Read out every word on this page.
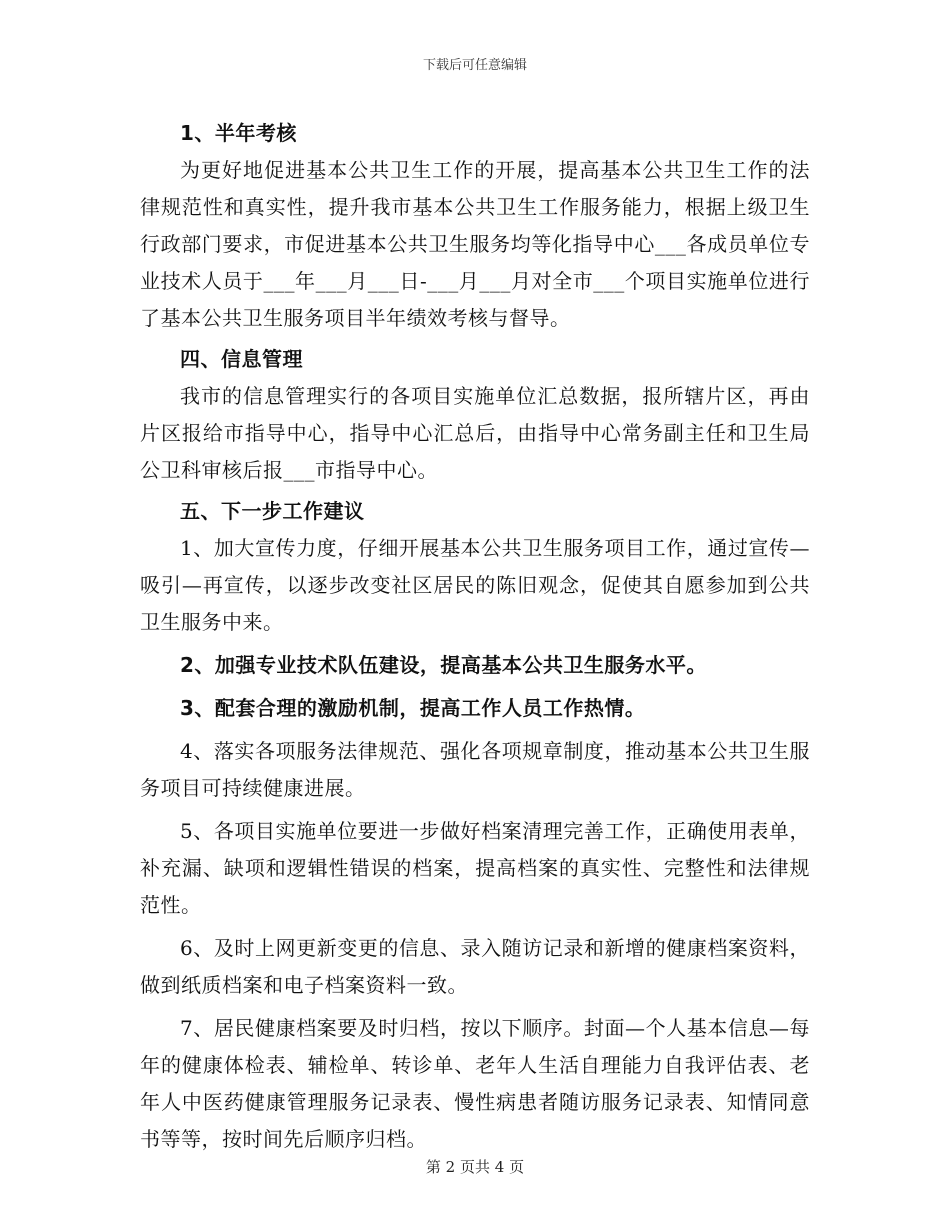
下载后可任意编辑

1、半年考核

为更好地促进基本公共卫生工作的开展，提高基本公共卫生工作的法律规范性和真实性，提升我市基本公共卫生工作服务能力，根据上级卫生行政部门要求，市促进基本公共卫生服务均等化指导中心___各成员单位专业技术人员于___年___月___日-___月___月对全市___个项目实施单位进行了基本公共卫生服务项目半年绩效考核与督导。

四、信息管理

我市的信息管理实行的各项目实施单位汇总数据，报所辖片区，再由片区报给市指导中心，指导中心汇总后，由指导中心常务副主任和卫生局公卫科审核后报___市指导中心。

五、下一步工作建议

1、加大宣传力度，仔细开展基本公共卫生服务项目工作，通过宣传—吸引—再宣传，以逐步改变社区居民的陈旧观念，促使其自愿参加到公共卫生服务中来。

2、加强专业技术队伍建设，提高基本公共卫生服务水平。

3、配套合理的激励机制，提高工作人员工作热情。

4、落实各项服务法律规范、强化各项规章制度，推动基本公共卫生服务项目可持续健康进展。

5、各项目实施单位要进一步做好档案清理完善工作，正确使用表单，补充漏、缺项和逻辑性错误的档案，提高档案的真实性、完整性和法律规范性。

6、及时上网更新变更的信息、录入随访记录和新增的健康档案资料，做到纸质档案和电子档案资料一致。

7、居民健康档案要及时归档，按以下顺序。封面—个人基本信息—每年的健康体检表、辅检单、转诊单、老年人生活自理能力自我评估表、老年人中医药健康管理服务记录表、慢性病患者随访服务记录表、知情同意书等等，按时间先后顺序归档。

第 2 页共 4 页
